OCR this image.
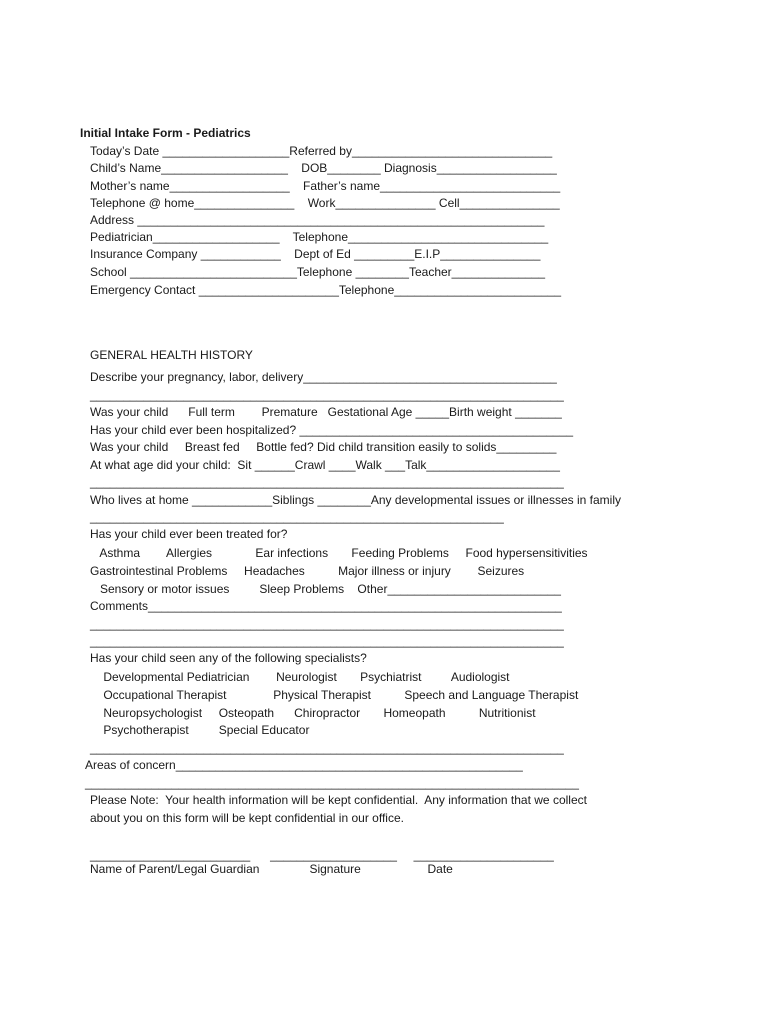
Initial Intake Form - Pediatrics
Today’s Date ___________________Referred by______________________________
Child’s Name___________________    DOB________ Diagnosis__________________
Mother’s name__________________    Father’s name___________________________
Telephone @ home_______________    Work_______________ Cell_______________
Address _____________________________________________________________
Pediatrician___________________    Telephone______________________________
Insurance Company ____________    Dept of Ed _________E.I.P_______________
School _________________________Telephone ________Teacher______________
Emergency Contact _____________________Telephone_________________________
GENERAL HEALTH HISTORY
Describe your pregnancy, labor, delivery______________________________________
_______________________________________________________________________
Was your child      Full term        Premature   Gestational Age _____Birth weight _______
Has your child ever been hospitalized? _________________________________________
Was your child     Breast fed     Bottle fed? Did child transition easily to solids_________
At what age did your child:  Sit ______Crawl ____Walk ___Talk____________________
_______________________________________________________________________
Who lives at home ____________Siblings ________Any developmental issues or illnesses in family
______________________________________________________________
Has your child ever been treated for?
Asthma        Allergies             Ear infections       Feeding Problems     Food hypersensitivities
Gastrointestinal Problems     Headaches          Major illness or injury        Seizures
Sensory or motor issues         Sleep Problems    Other__________________________
Comments______________________________________________________________
_______________________________________________________________________
_______________________________________________________________________
Has your child seen any of the following specialists?
Developmental Pediatrician        Neurologist       Psychiatrist         Audiologist
Occupational Therapist              Physical Therapist          Speech and Language Therapist
Neuropsychologist     Osteopath      Chiropractor       Homeopath          Nutritionist
Psychotherapist         Special Educator
_______________________________________________________________________
Areas of concern____________________________________________________
__________________________________________________________________________
Please Note:  Your health information will be kept confidential.  Any information that we collect
about you on this form will be kept confidential in our office.
________________________      ___________________     _____________________
Name of Parent/Legal Guardian               Signature                    Date
